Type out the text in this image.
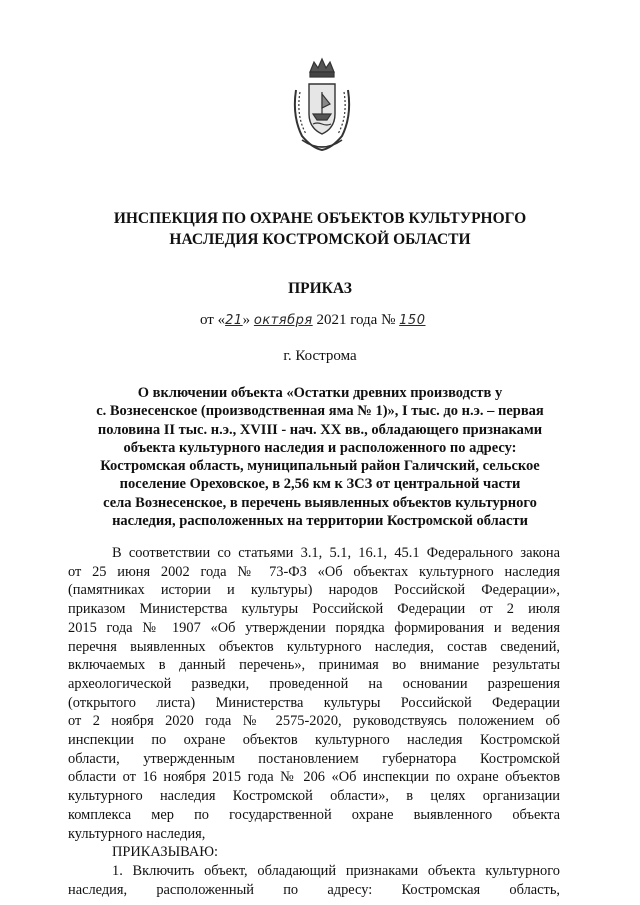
ИНСПЕКЦИЯ ПО ОХРАНЕ ОБЪЕКТОВ КУЛЬТУРНОГО
НАСЛЕДИЯ КОСТРОМСКОЙ ОБЛАСТИ
ПРИКАЗ
от «21» октября 2021 года № 150
г. Кострома
О включении объекта «Остатки древних производств у
с. Вознесенское (производственная яма № 1)», I тыс. до н.э. – первая
половина II тыс. н.э., XVIII - нач. XX вв., обладающего признаками
объекта культурного наследия и расположенного по адресу:
Костромская область, муниципальный район Галичский, сельское
поселение Ореховское, в 2,56 км к ЗСЗ от центральной части
села Вознесенское, в перечень выявленных объектов культурного
наследия, расположенных на территории Костромской области
В соответствии со статьями 3.1, 5.1, 16.1, 45.1 Федерального закона
от 25 июня 2002 года № 73-ФЗ «Об объектах культурного наследия
(памятниках истории и культуры) народов Российской Федерации»,
приказом Министерства культуры Российской Федерации от 2 июля
2015 года № 1907 «Об утверждении порядка формирования и ведения
перечня выявленных объектов культурного наследия, состав сведений,
включаемых в данный перечень», принимая во внимание результаты
археологической разведки, проведенной на основании разрешения
(открытого листа) Министерства культуры Российской Федерации
от 2 ноября 2020 года № 2575-2020, руководствуясь положением об
инспекции по охране объектов культурного наследия Костромской
области, утвержденным постановлением губернатора Костромской
области от 16 ноября 2015 года № 206 «Об инспекции по охране объектов
культурного наследия Костромской области», в целях организации
комплекса мер по государственной охране выявленного объекта
культурного наследия,
ПРИКАЗЫВАЮ:
1. Включить объект, обладающий признаками объекта культурного
наследия, расположенный по адресу: Костромская область,
